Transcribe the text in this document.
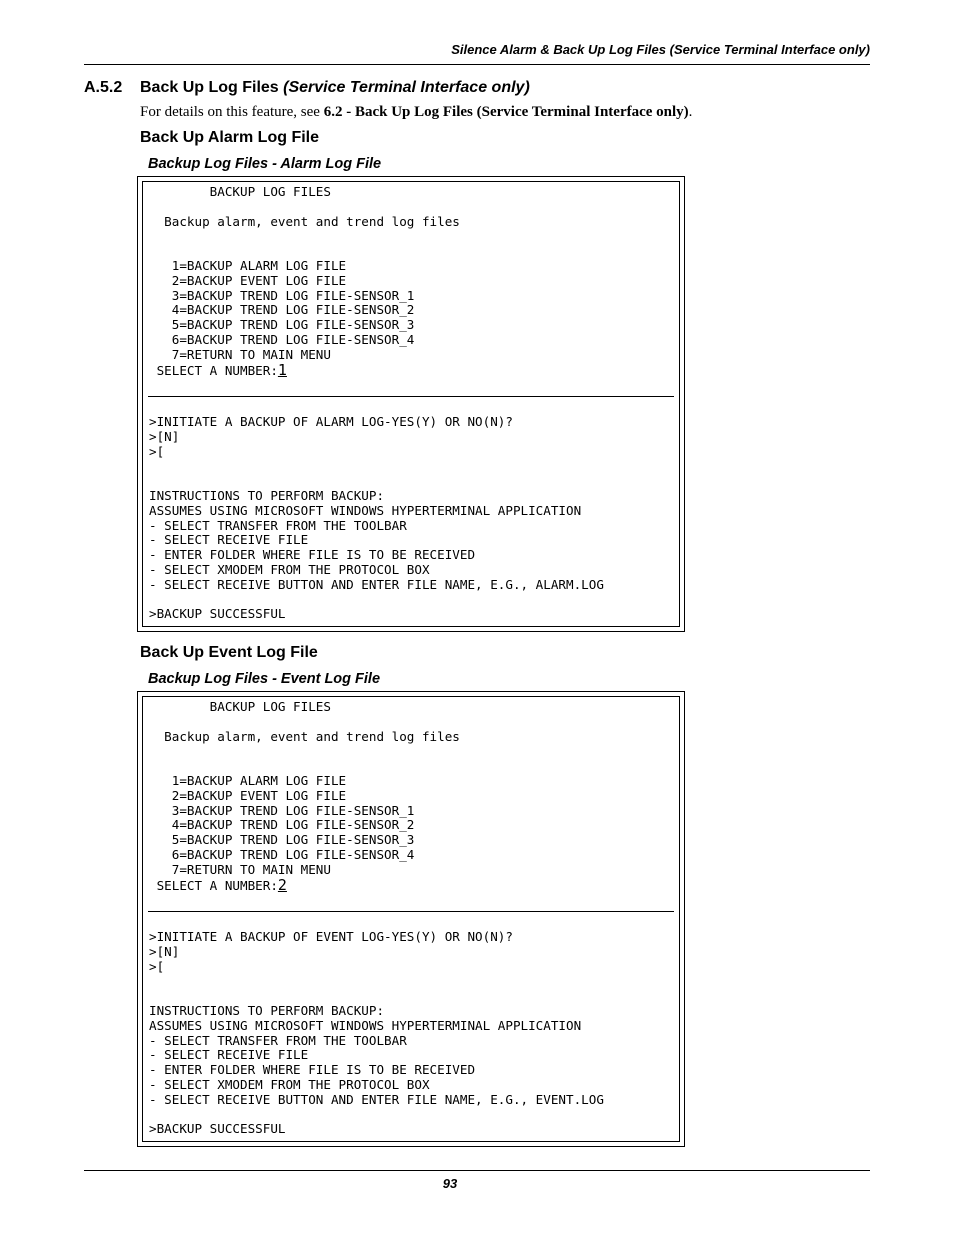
Silence Alarm & Back Up Log Files (Service Terminal Interface only)
A.5.2 Back Up Log Files (Service Terminal Interface only)
For details on this feature, see 6.2 - Back Up Log Files (Service Terminal Interface only).
Back Up Alarm Log File
Backup Log Files - Alarm Log File
BACKUP LOG FILES

Backup alarm, event and trend log files

1=BACKUP ALARM LOG FILE
2=BACKUP EVENT LOG FILE
3=BACKUP TREND LOG FILE-SENSOR_1
4=BACKUP TREND LOG FILE-SENSOR_2
5=BACKUP TREND LOG FILE-SENSOR_3
6=BACKUP TREND LOG FILE-SENSOR_4
7=RETURN TO MAIN MENU
SELECT A NUMBER:1
>INITIATE A BACKUP OF ALARM LOG-YES(Y) OR NO(N)?
>[N]
>[

INSTRUCTIONS TO PERFORM BACKUP:
ASSUMES USING MICROSOFT WINDOWS HYPERTERMINAL APPLICATION
- SELECT TRANSFER FROM THE TOOLBAR
- SELECT RECEIVE FILE
- ENTER FOLDER WHERE FILE IS TO BE RECEIVED
- SELECT XMODEM FROM THE PROTOCOL BOX
- SELECT RECEIVE BUTTON AND ENTER FILE NAME, E.G., ALARM.LOG

>BACKUP SUCCESSFUL
Back Up Event Log File
Backup Log Files - Event Log File
BACKUP LOG FILES

Backup alarm, event and trend log files

1=BACKUP ALARM LOG FILE
2=BACKUP EVENT LOG FILE
3=BACKUP TREND LOG FILE-SENSOR_1
4=BACKUP TREND LOG FILE-SENSOR_2
5=BACKUP TREND LOG FILE-SENSOR_3
6=BACKUP TREND LOG FILE-SENSOR_4
7=RETURN TO MAIN MENU
SELECT A NUMBER:2
>INITIATE A BACKUP OF EVENT LOG-YES(Y) OR NO(N)?
>[N]
>[

INSTRUCTIONS TO PERFORM BACKUP:
ASSUMES USING MICROSOFT WINDOWS HYPERTERMINAL APPLICATION
- SELECT TRANSFER FROM THE TOOLBAR
- SELECT RECEIVE FILE
- ENTER FOLDER WHERE FILE IS TO BE RECEIVED
- SELECT XMODEM FROM THE PROTOCOL BOX
- SELECT RECEIVE BUTTON AND ENTER FILE NAME, E.G., EVENT.LOG

>BACKUP SUCCESSFUL
93
